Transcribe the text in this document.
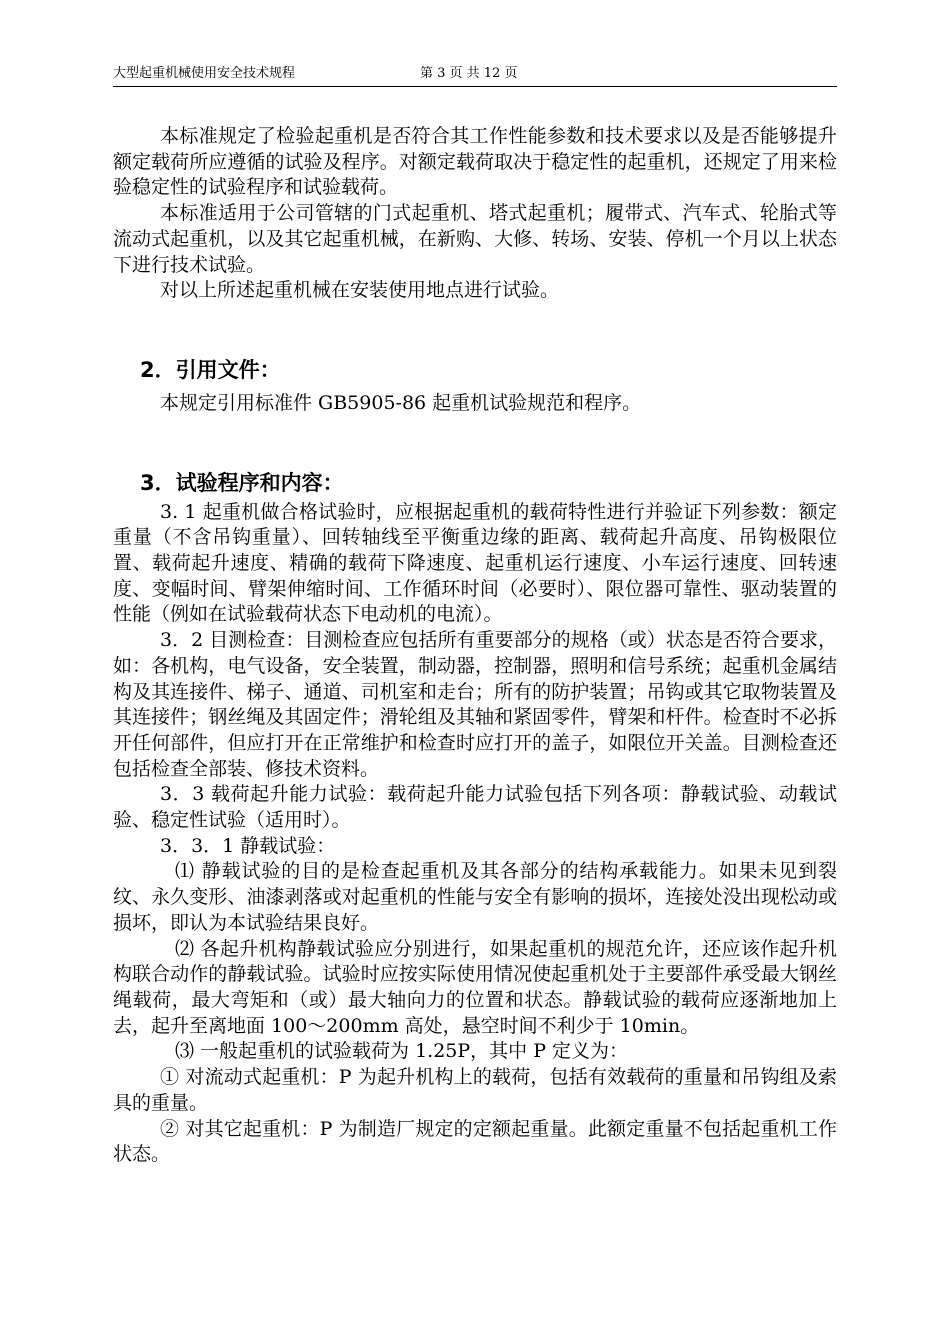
大型起重机械使用安全技术规程	第 3 页 共 12 页

本标准规定了检验起重机是否符合其工作性能参数和技术要求以及是否能够提升额定载荷所应遵循的试验及程序。对额定载荷取决于稳定性的起重机，还规定了用来检验稳定性的试验程序和试验载荷。

本标准适用于公司管辖的门式起重机、塔式起重机；履带式、汽车式、轮胎式等流动式起重机，以及其它起重机械，在新购、大修、转场、安装、停机一个月以上状态下进行技术试验。

对以上所述起重机械在安装使用地点进行试验。

2．引用文件：

本规定引用标准件 GB5905-86 起重机试验规范和程序。

3．试验程序和内容：

3. 1 起重机做合格试验时，应根据起重机的载荷特性进行并验证下列参数：额定重量（不含吊钩重量）、回转轴线至平衡重边缘的距离、载荷起升高度、吊钩极限位置、载荷起升速度、精确的载荷下降速度、起重机运行速度、小车运行速度、回转速度、变幅时间、臂架伸缩时间、工作循环时间（必要时）、限位器可靠性、驱动装置的性能（例如在试验载荷状态下电动机的电流）。

3．2 目测检查：目测检查应包括所有重要部分的规格（或）状态是否符合要求，如：各机构，电气设备，安全装置，制动器，控制器，照明和信号系统；起重机金属结构及其连接件、梯子、通道、司机室和走台；所有的防护装置；吊钩或其它取物装置及其连接件；钢丝绳及其固定件；滑轮组及其轴和紧固零件，臂架和杆件。检查时不必拆开任何部件，但应打开在正常维护和检查时应打开的盖子，如限位开关盖。目测检查还包括检查全部装、修技术资料。

3．3 载荷起升能力试验：载荷起升能力试验包括下列各项：静载试验、动载试验、稳定性试验（适用时）。

3．3．1 静载试验：

⑴ 静载试验的目的是检查起重机及其各部分的结构承载能力。如果未见到裂纹、永久变形、油漆剥落或对起重机的性能与安全有影响的损坏，连接处没出现松动或损坏，即认为本试验结果良好。

⑵ 各起升机构静载试验应分别进行，如果起重机的规范允许，还应该作起升机构联合动作的静载试验。试验时应按实际使用情况使起重机处于主要部件承受最大钢丝绳载荷，最大弯矩和（或）最大轴向力的位置和状态。静载试验的载荷应逐渐地加上去，起升至离地面 100～200mm 高处，悬空时间不利少于 10min。

⑶ 一般起重机的试验载荷为 1.25P，其中 P 定义为：

① 对流动式起重机：P 为起升机构上的载荷，包括有效载荷的重量和吊钩组及索具的重量。

② 对其它起重机：P 为制造厂规定的定额起重量。此额定重量不包括起重机工作状态。
